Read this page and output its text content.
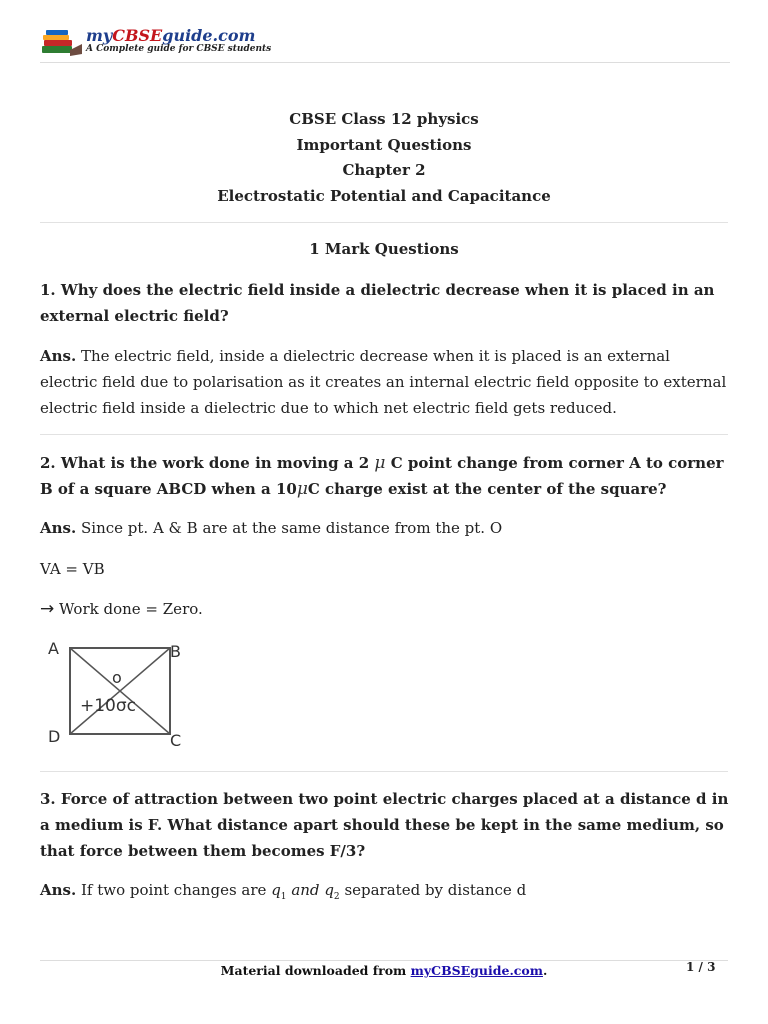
myCBSEguide.com
A Complete guide for CBSE students
CBSE Class 12 physics
Important Questions
Chapter 2
Electrostatic Potential and Capacitance
1 Mark Questions
1. Why does the electric field inside a dielectric decrease when it is placed in an external electric field?
Ans. The electric field, inside a dielectric decrease when it is placed is an external electric field due to polarisation as it creates an internal electric field opposite to external electric field inside a dielectric due to which net electric field gets reduced.
2. What is the work done in moving a 2 μ C point change from corner A to corner B of a square ABCD when a 10μC charge exist at the center of the square?
Ans. Since pt. A & B are at the same distance from the pt. O
VA = VB
→ Work done = Zero.
A	B
C
D
o
+10σc
3. Force of attraction between two point electric charges placed at a distance d in a medium is F. What distance apart should these be kept in the same medium, so that force between them becomes F/3?
Ans. If two point changes are $q_1$ and $q_2$ separated by distance d
Material downloaded from myCBSEguide.com.	1 / 3
